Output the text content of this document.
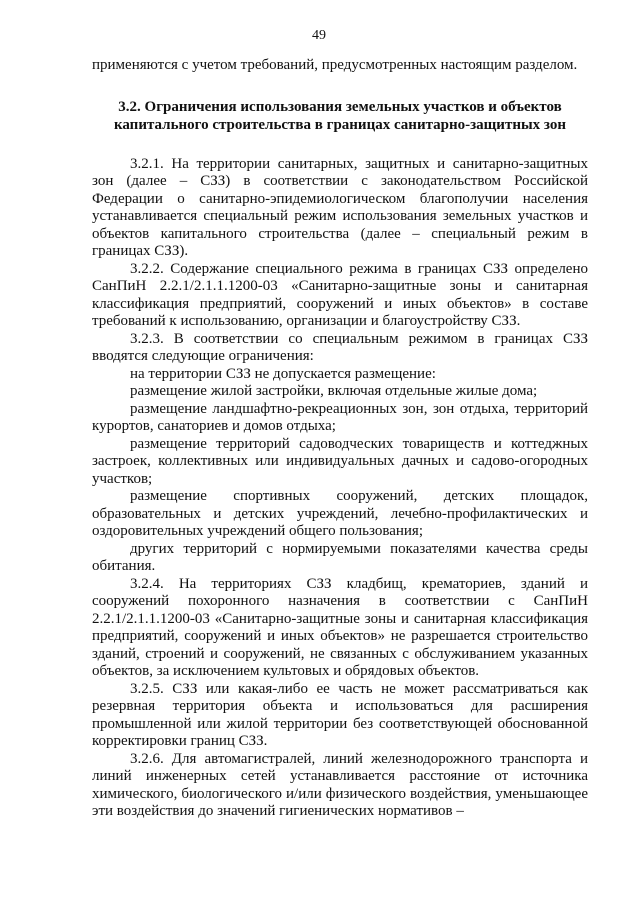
49

применяются с учетом требований, предусмотренных настоящим разделом.

3.2. Ограничения использования земельных участков и объектов капитального строительства в границах санитарно-защитных зон

3.2.1. На территории санитарных, защитных и санитарно-защитных зон (далее – СЗЗ) в соответствии с законодательством Российской Федерации о санитарно-эпидемиологическом благополучии населения устанавливается специальный режим использования земельных участков и объектов капитального строительства (далее – специальный режим в границах СЗЗ).

3.2.2. Содержание специального режима в границах СЗЗ определено СанПиН 2.2.1/2.1.1.1200-03 «Санитарно-защитные зоны и санитарная классификация предприятий, сооружений и иных объектов» в составе требований к использованию, организации и благоустройству СЗЗ.

3.2.3. В соответствии со специальным режимом в границах СЗЗ вводятся следующие ограничения:

на территории СЗЗ не допускается размещение:

размещение жилой застройки, включая отдельные жилые дома;

размещение ландшафтно-рекреационных зон, зон отдыха, территорий курортов, санаториев и домов отдыха;

размещение территорий садоводческих товариществ и коттеджных застроек, коллективных или индивидуальных дачных и садово-огородных участков;

размещение спортивных сооружений, детских площадок, образовательных и детских учреждений, лечебно-профилактических и оздоровительных учреждений общего пользования;

других территорий с нормируемыми показателями качества среды обитания.

3.2.4. На территориях СЗЗ кладбищ, крематориев, зданий и сооружений похоронного назначения в соответствии с СанПиН 2.2.1/2.1.1.1200-03 «Санитарно-защитные зоны и санитарная классификация предприятий, сооружений и иных объектов» не разрешается строительство зданий, строений и сооружений, не связанных с обслуживанием указанных объектов, за исключением культовых и обрядовых объектов.

3.2.5. СЗЗ или какая-либо ее часть не может рассматриваться как резервная территория объекта и использоваться для расширения промышленной или жилой территории без соответствующей обоснованной корректировки границ СЗЗ.

3.2.6. Для автомагистралей, линий железнодорожного транспорта и линий инженерных сетей устанавливается расстояние от источника химического, биологического и/или физического воздействия, уменьшающее эти воздействия до значений гигиенических нормативов –
